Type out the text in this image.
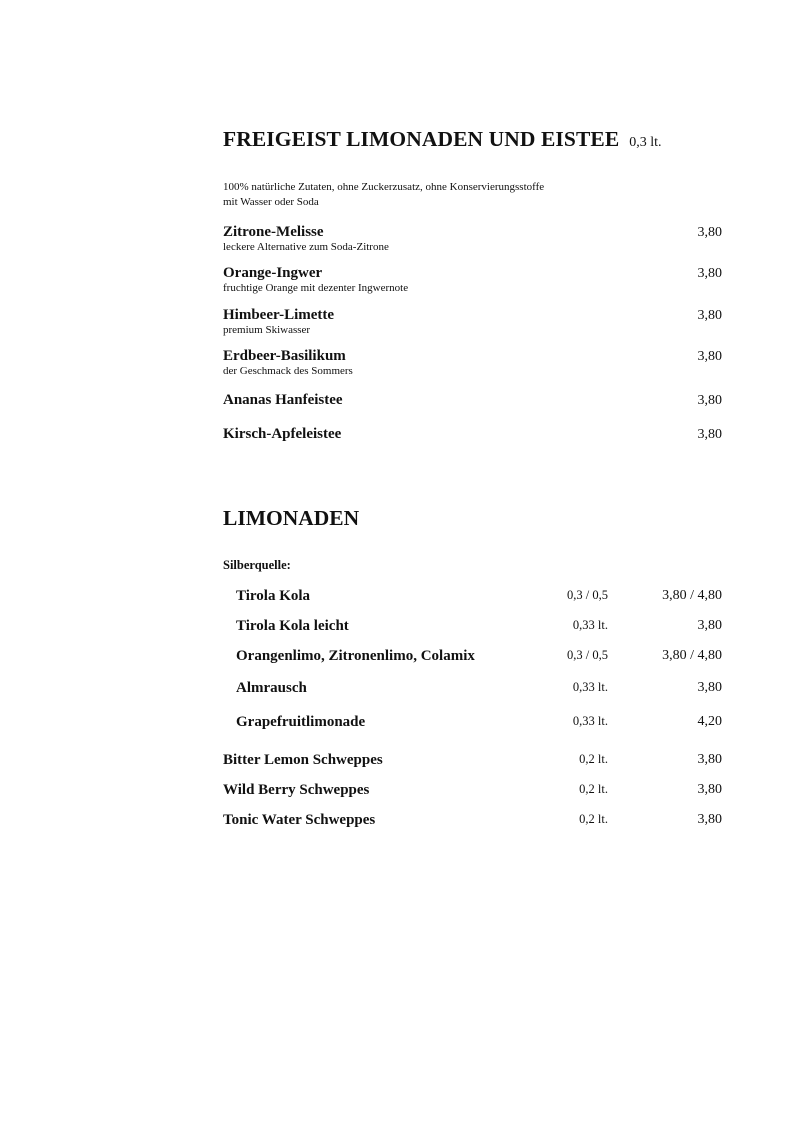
FREIGEIST LIMONADEN UND EISTEE 0,3 lt.
100% natürliche Zutaten, ohne Zuckerzusatz, ohne Konservierungsstoffe
mit Wasser oder Soda
Zitrone-Melisse
leckere Alternative zum Soda-Zitrone
3,80
Orange-Ingwer
fruchtige Orange mit dezenter Ingwernote
3,80
Himbeer-Limette
premium Skiwasser
3,80
Erdbeer-Basilikum
der Geschmack des Sommers
3,80
Ananas Hanfeistee	3,80
Kirsch-Apfeleistee	3,80
LIMONADEN
Silberquelle:
Tirola Kola	0,3 / 0,5	3,80 / 4,80
Tirola Kola leicht	0,33 lt.	3,80
Orangenlimo, Zitronenlimo, Colamix	0,3 / 0,5	3,80 / 4,80
Almrausch	0,33 lt.	3,80
Grapefruitlimonade	0,33 lt.	4,20
Bitter Lemon Schweppes	0,2 lt.	3,80
Wild Berry Schweppes	0,2 lt.	3,80
Tonic Water Schweppes	0,2 lt.	3,80
